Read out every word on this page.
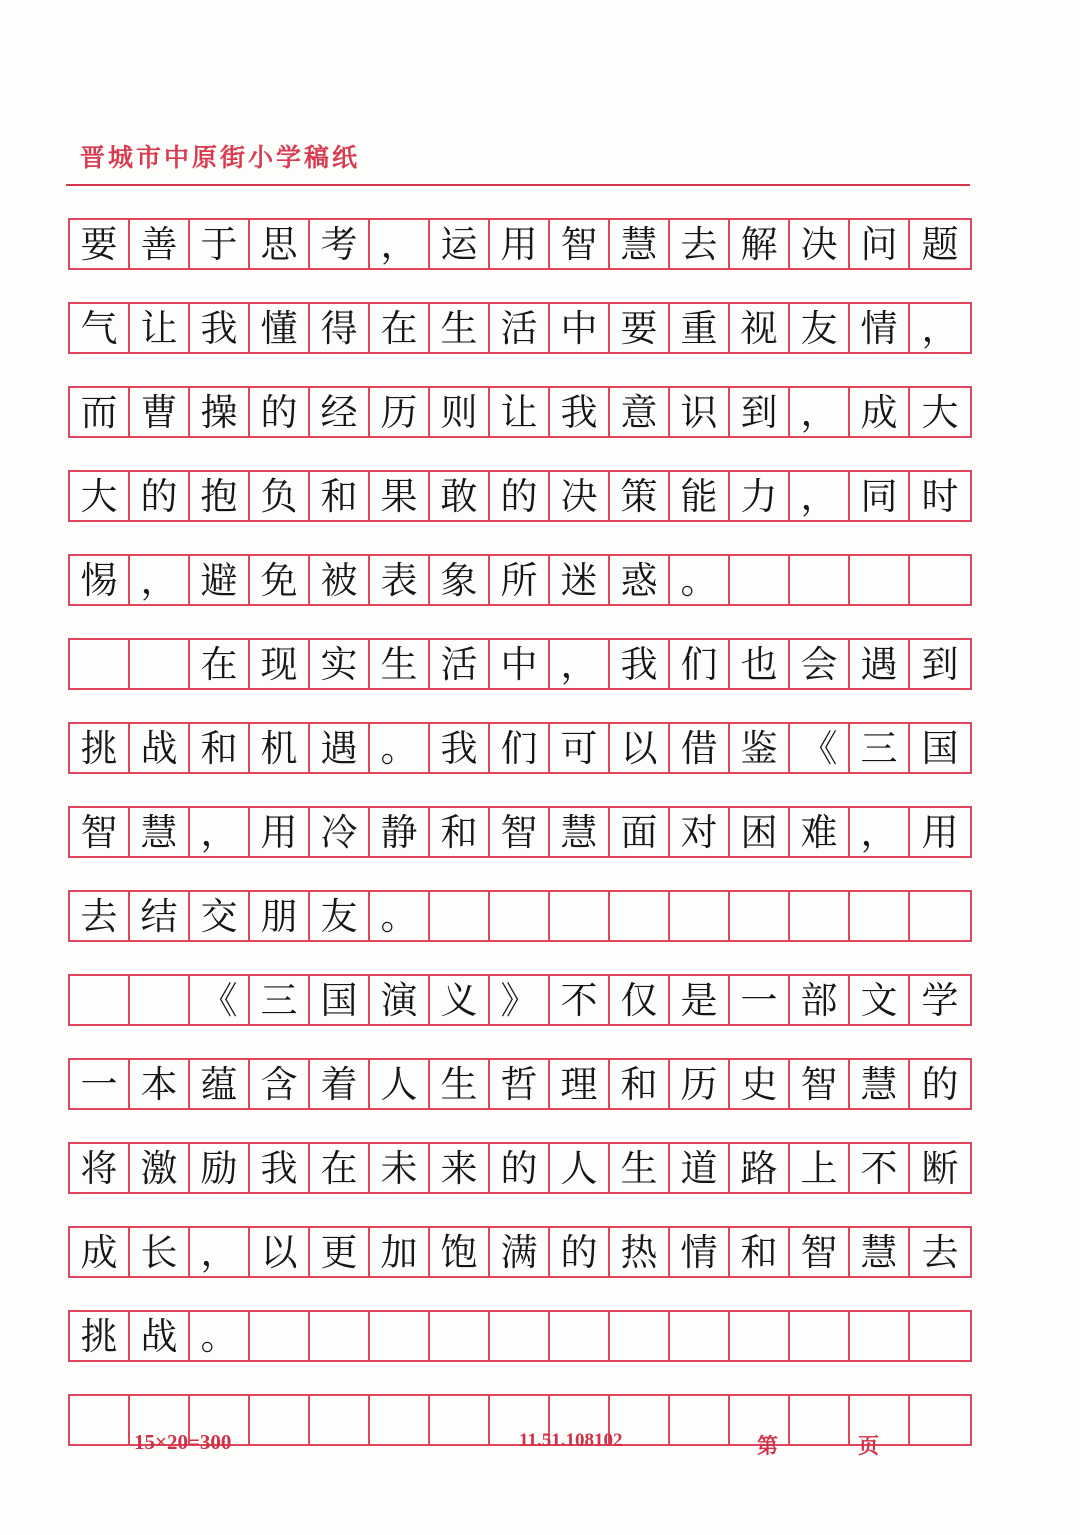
晋城市中原街小学稿纸
要 善 于 思 考 ， 运 用 智 慧 去 解 决 问 题
气 让 我 懂 得 在 生 活 中 要 重 视 友 情 ，
而 曹 操 的 经 历 则 让 我 意 识 到 ， 成 大
大 的 抱 负 和 果 敢 的 决 策 能 力 ， 同 时
惕 ， 避 免 被 表 象 所 迷 惑 。
在 现 实 生 活 中 ， 我 们 也 会 遇 到
挑 战 和 机 遇 。 我 们 可 以 借 鉴 《 三 国
智 慧 ， 用 冷 静 和 智 慧 面 对 困 难 ， 用
去 结 交 朋 友 。
《 三 国 演 义 》 不 仅 是 一 部 文 学
一 本 蕴 含 着 人 生 哲 理 和 历 史 智 慧 的
将 激 励 我 在 未 来 的 人 生 道 路 上 不 断
成 长 ， 以 更 加 饱 满 的 热 情 和 智 慧 去
挑 战 。
15×20=300	11.51.108102	第	页
